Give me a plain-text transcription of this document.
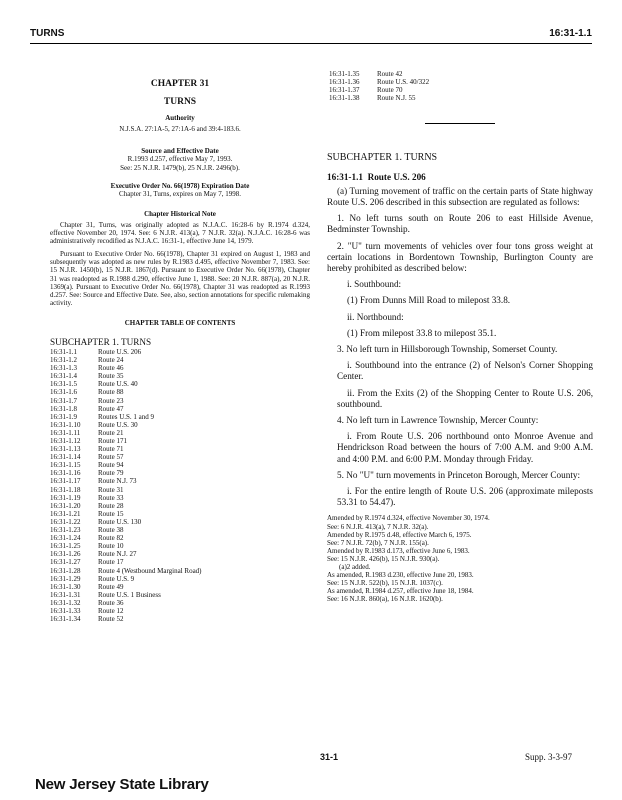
TURNS	16:31-1.1

CHAPTER 31

TURNS

Authority

N.J.S.A. 27:1A-5, 27:1A-6 and 39:4-183.6.

Source and Effective Date

R.1993 d.257, effective May 7, 1993.

See: 25 N.J.R. 1479(b), 25 N.J.R. 2496(b).

Executive Order No. 66(1978) Expiration Date

Chapter 31, Turns, expires on May 7, 1998.

Chapter Historical Note

Chapter 31, Turns, was originally adopted as N.J.A.C. 16:28-6 by R.1974 d.324, effective November 20, 1974. See: 6 N.J.R. 413(a), 7 N.J.R. 32(a). N.J.A.C. 16:28-6 was administratively recodified as N.J.A.C. 16:31-1, effective June 14, 1979.

Pursuant to Executive Order No. 66(1978), Chapter 31 expired on August 1, 1983 and subsequently was adopted as new rules by R.1983 d.495, effective November 7, 1983. See: 15 N.J.R. 1450(b), 15 N.J.R. 1867(d). Pursuant to Executive Order No. 66(1978), Chapter 31 was readopted as R.1988 d.290, effective June 1, 1988. See: 20 N.J.R. 887(a), 20 N.J.R. 1369(a). Pursuant to Executive Order No. 66(1978), Chapter 31 was readopted as R.1993 d.257. See: Source and Effective Date. See, also, section annotations for specific rulemaking activity.

CHAPTER TABLE OF CONTENTS

SUBCHAPTER 1. TURNS

16:31-1.1	Route U.S. 206
16:31-1.2	Route 24
16:31-1.3	Route 46
16:31-1.4	Route 35
16:31-1.5	Route U.S. 40
16:31-1.6	Route 88
16:31-1.7	Route 23
16:31-1.8	Route 47
16:31-1.9	Routes U.S. 1 and 9
16:31-1.10	Route U.S. 30
16:31-1.11	Route 21
16:31-1.12	Route 171
16:31-1.13	Route 71
16:31-1.14	Route 57
16:31-1.15	Route 94
16:31-1.16	Route 79
16:31-1.17	Route N.J. 73
16:31-1.18	Route 31
16:31-1.19	Route 33
16:31-1.20	Route 28
16:31-1.21	Route 15
16:31-1.22	Route U.S. 130
16:31-1.23	Route 38
16:31-1.24	Route 82
16:31-1.25	Route 10
16:31-1.26	Route N.J. 27
16:31-1.27	Route 17
16:31-1.28	Route 4 (Westbound Marginal Road)
16:31-1.29	Route U.S. 9
16:31-1.30	Route 49
16:31-1.31	Route U.S. 1 Business
16:31-1.32	Route 36
16:31-1.33	Route 12
16:31-1.34	Route 52
16:31-1.35	Route 42
16:31-1.36	Route U.S. 40/322
16:31-1.37	Route 70
16:31-1.38	Route N.J. 55

SUBCHAPTER 1. TURNS

16:31-1.1 Route U.S. 206

(a) Turning movement of traffic on the certain parts of State highway Route U.S. 206 described in this subsection are regulated as follows:

1. No left turns south on Route 206 to east Hillside Avenue, Bedminster Township.

2. "U" turn movements of vehicles over four tons gross weight at certain locations in Bordentown Township, Burlington County are hereby prohibited as described below:

i. Southbound:

(1) From Dunns Mill Road to milepost 33.8.

ii. Northbound:

(1) From milepost 33.8 to milepost 35.1.

3. No left turn in Hillsborough Township, Somerset County.

i. Southbound into the entrance (2) of Nelson's Corner Shopping Center.

ii. From the Exits (2) of the Shopping Center to Route U.S. 206, southbound.

4. No left turn in Lawrence Township, Mercer County:

i. From Route U.S. 206 northbound onto Monroe Avenue and Hendrickson Road between the hours of 7:00 A.M. and 9:00 A.M. and 4:00 P.M. and 6:00 P.M. Monday through Friday.

5. No "U" turn movements in Princeton Borough, Mercer County:

i. For the entire length of Route U.S. 206 (approximate mileposts 53.31 to 54.47).

Amended by R.1974 d.324, effective November 30, 1974.
See: 6 N.J.R. 413(a), 7 N.J.R. 32(a).
Amended by R.1975 d.48, effective March 6, 1975.
See: 7 N.J.R. 72(b), 7 N.J.R. 155(a).
Amended by R.1983 d.173, effective June 6, 1983.
See: 15 N.J.R. 426(b), 15 N.J.R. 930(a).
(a)2 added.
As amended, R.1983 d.230, effective June 20, 1983.
See: 15 N.J.R. 522(b), 15 N.J.R. 1037(c).
As amended, R.1984 d.257, effective June 18, 1984.
See: 16 N.J.R. 860(a), 16 N.J.R. 1620(b).
31-1	Supp. 3-3-97
New Jersey State Library
